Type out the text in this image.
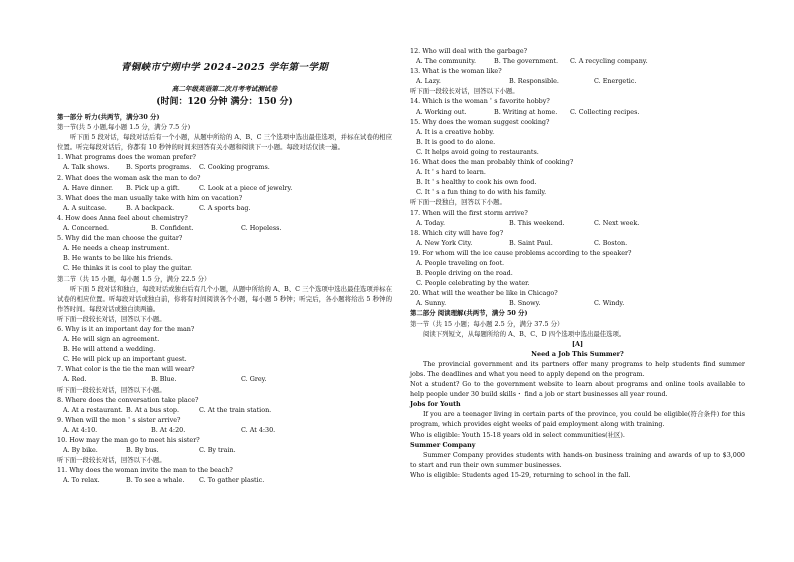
青铜峡市宁朔中学 2024–2025 学年第一学期
高二年级英语第二次月考考试测试卷
(时间：120 分钟 满分：150 分)

第一部分 听力(共两节，满分30 分)

第一节(共 5 小题,每小题 1.5 分，满分 7.5 分)

听下面 5 段对话，每段对话后有一个小题，从题中所给的 A、B、C 三个选项中选出最佳选项，并标在试卷的相应位置。听完每段对话后，你都有 10 秒钟的时间来回答有关小题和阅读下一小题。每段对话仅读一遍。

1. What programs does the woman prefer?

A. Talk shows.	B. Sports programs.	C. Cooking programs.

2. What does the woman ask the man to do?

A. Have dinner.	B. Pick up a gift.	C. Look at a piece of jewelry.

3. What does the man usually take with him on vacation?

A. A suitcase.	B. A backpack.	C. A sports bag.

4. How does Anna feel about chemistry?

A. Concerned.	B. Confident.	C. Hopeless.

5. Why did the man choose the guitar?

A. He needs a cheap instrument.

B. He wants to be like his friends.

C. He thinks it is cool to play the guitar.

第二节（共 15 小题，每小题 1.5 分，满分 22.5 分）

听下面 5 段对话和独白，每段对话或独白后有几个小题，从题中所给的 A、B、C 三个选项中选出最佳选项并标在试卷的相应位置。听每段对话或独白前，你将有时间阅读各个小题，每小题 5 秒钟；听完后，各小题将给出 5 秒钟的作答时间。每段对话或独白读两遍。

听下面一段较长对话，回答以下小题。

6. Why is it an important day for the man?

A. He will sign an agreement.

B. He will attend a wedding.

C. He will pick up an important guest.

7. What color is the tie the man will wear?

A. Red.	B. Blue.	C. Grey.

听下面一段较长对话，回答以下小题。

8. Where does the conversation take place?

A. At a restaurant. B. At a bus stop.	C. At the train station.

9. When will the mon＇s sister arrive?

A. At 4:10.	B. At 4:20.	C. At 4:30.

10. How may the man go to meet his sister?

A. By bike.	B. By bus.	C. By train.

听下面一段较长对话，回答以下小题。

11. Why does the woman invite the man to the beach?

A. To relax.	B. To see a whale.	C. To gather plastic.

12. Who will deal with the garbage?

A. The community.	B. The government.	C. A recycling company.

13. What is the woman like?

A. Lazy.	B. Responsible.	C. Energetic.

听下面一段较长对话，回答以下小题。

14. Which is the woman＇s favorite hobby?

A. Working out.	B. Writing at home.	C. Collecting recipes.

15. Why does the woman suggest cooking?

A. It is a creative hobby.

B. It is good to do alone.

C. It helps avoid going to restaurants.

16. What does the man probably think of cooking?

A. It＇s hard to learn.

B. It＇s healthy to cook his own food.

C. It＇s a fun thing to do with his family.

听下面一段独白，回答以下小题。

17. When will the first storm arrive?

A. Today.	B. This weekend.	C. Next week.

18. Which city will have fog?

A. New York City.	B. Saint Paul.	C. Boston.

19. For whom will the ice cause problems according to the speaker?

A. People traveling on foot.

B. People driving on the road.

C. People celebrating by the water.

20. What will the weather be like in Chicago?

A. Sunny.	B. Snowy.	C. Windy.

第二部分 阅读理解(共两节，满分 50 分)

第一节（共 15 小题；每小题 2.5 分，满分 37.5 分）

阅读下列短文，从每题所给的 A、B、C、D 四个选项中选出最佳选项。

[A]

Need a Job This Summer?

The provincial government and its partners offer many programs to help students find summer jobs. The deadlines and what you need to apply depend on the program.

Not a student? Go to the government website to learn about programs and online tools available to help people under 30 build skills・ find a job or start businesses all year round.

Jobs for Youth

If you are a teenager living in certain parts of the province, you could be eligible(符合条件) for this program, which provides eight weeks of paid employment along with training.

Who is eligible: Youth 15-18 years old in select communities(社区).

Summer Company

Summer Company provides students with hands-on business training and awards of up to $3,000 to start and run their own summer businesses.

Who is eligible: Students aged 15-29, returning to school in the fall.
